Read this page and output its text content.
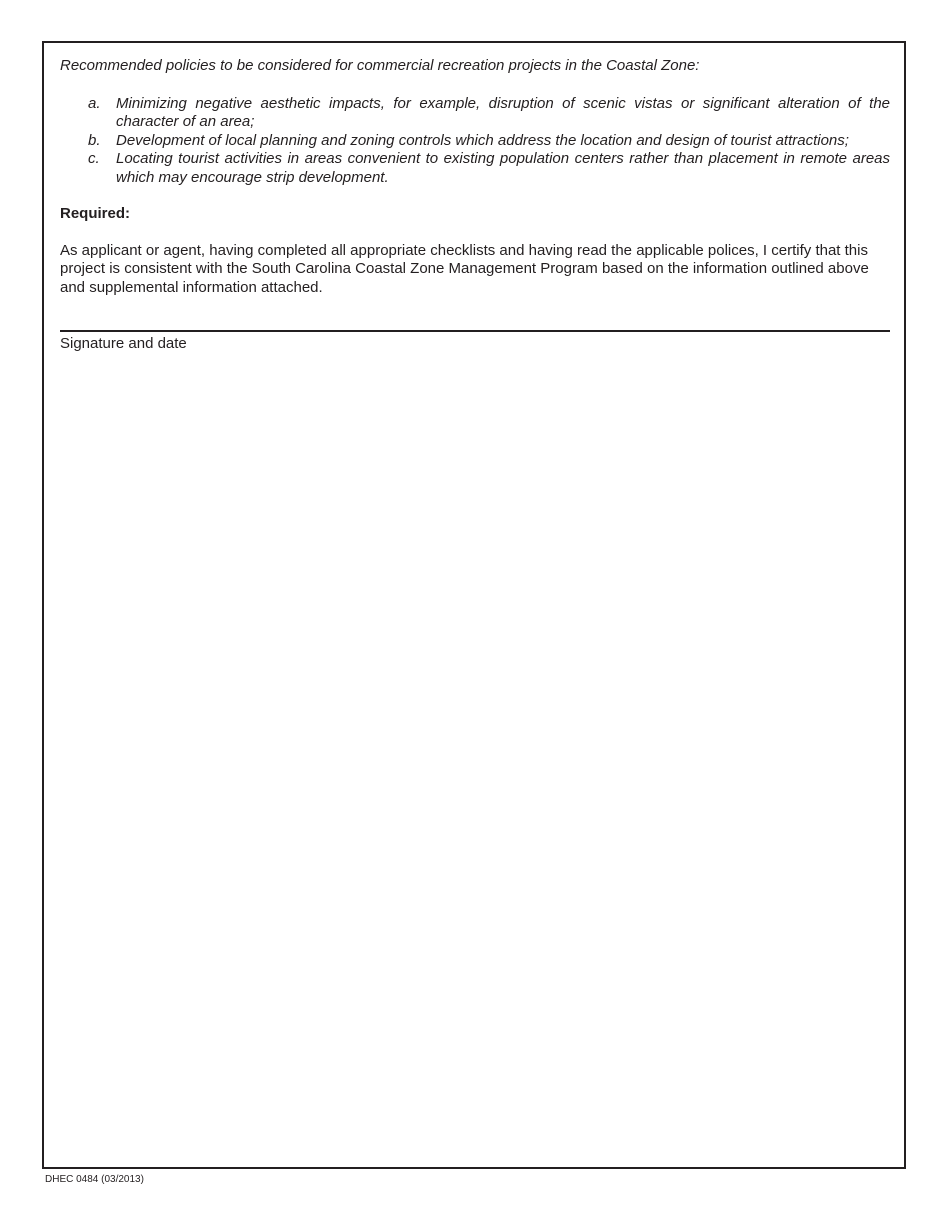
Recommended policies to be considered for commercial recreation projects in the Coastal Zone:

a.	Minimizing negative aesthetic impacts, for example, disruption of scenic vistas or significant alteration of the character of an area;
b.	Development of local planning and zoning controls which address the location and design of tourist attractions;
c.	Locating tourist activities in areas convenient to existing population centers rather than placement in remote areas which may encourage strip development.

Required:

As applicant or agent, having completed all appropriate checklists and having read the applicable polices, I certify that this project is consistent with the South Carolina Coastal Zone Management Program based on the information outlined above and supplemental information attached.

Signature and date
DHEC 0484 (03/2013)
